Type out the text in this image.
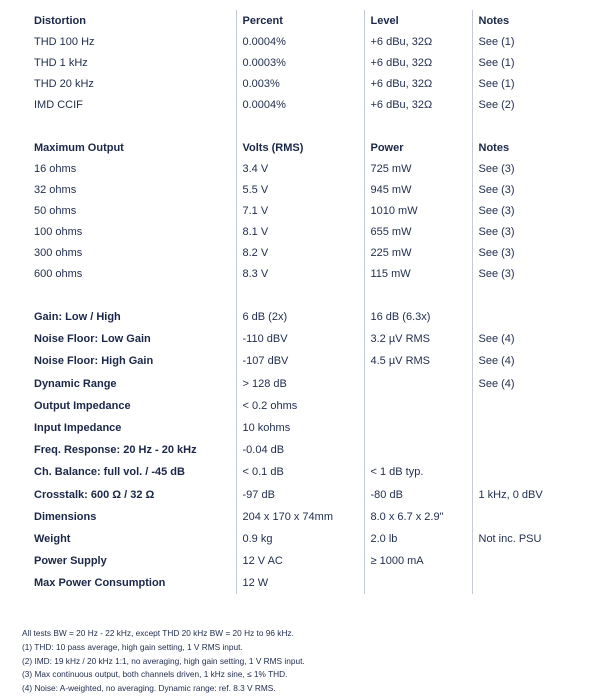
Distortion	Percent	Level	Notes
THD 100 Hz	0.0004%	+6 dBu, 32Ω	See (1)
THD 1 kHz	0.0003%	+6 dBu, 32Ω	See (1)
THD 20 kHz	0.003%	+6 dBu, 32Ω	See (1)
IMD CCIF	0.0004%	+6 dBu, 32Ω	See (2)

Maximum Output	Volts (RMS)	Power	Notes
16 ohms	3.4 V	725 mW	See (3)
32 ohms	5.5 V	945 mW	See (3)
50 ohms	7.1 V	1010 mW	See (3)
100 ohms	8.1 V	655 mW	See (3)
300 ohms	8.2 V	225 mW	See (3)
600 ohms	8.3 V	115 mW	See (3)

Gain: Low / High	6 dB (2x)	16 dB (6.3x)	
Noise Floor: Low Gain	-110 dBV	3.2 µV RMS	See (4)
Noise Floor: High Gain	-107 dBV	4.5 µV RMS	See (4)
Dynamic Range	> 128 dB		See (4)
Output Impedance	< 0.2 ohms		
Input Impedance	10 kohms		
Freq. Response: 20 Hz - 20 kHz	-0.04 dB		
Ch. Balance: full vol. / -45 dB	< 0.1 dB	< 1 dB typ.	
Crosstalk: 600 Ω / 32 Ω	-97 dB	-80 dB	1 kHz, 0 dBV
Dimensions	204 x 170 x 74mm	8.0 x 6.7 x 2.9"	
Weight	0.9 kg	2.0 lb	Not inc. PSU
Power Supply	12 V AC	≥ 1000 mA	
Max Power Consumption	12 W		
All tests BW = 20 Hz - 22 kHz, except THD 20 kHz BW = 20 Hz to 96 kHz.
(1) THD: 10 pass average, high gain setting, 1 V RMS input.
(2) IMD: 19 kHz / 20 kHz 1:1, no averaging, high gain setting, 1 V RMS input.
(3) Max continuous output, both channels driven, 1 kHz sine, ≤ 1% THD.
(4) Noise: A-weighted, no averaging. Dynamic range: ref. 8.3 V RMS.
